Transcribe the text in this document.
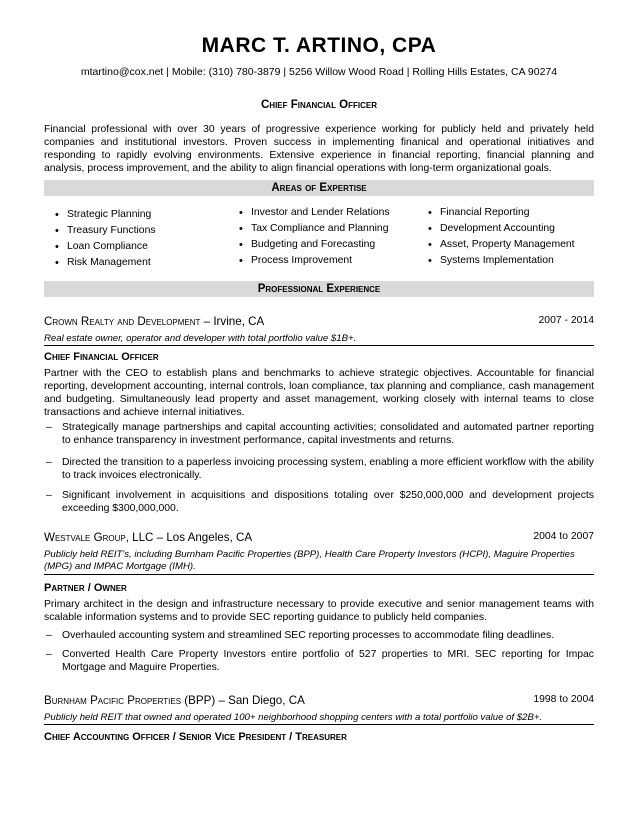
MARC T. ARTINO, CPA
mtartino@cox.net | Mobile: (310) 780-3879 | 5256 Willow Wood Road | Rolling Hills Estates, CA 90274
Chief Financial Officer
Financial professional with over 30 years of progressive experience working for publicly held and privately held companies and institutional investors. Proven success in implementing finanical and operational initiatives and responding to rapidly evolving environments. Extensive experience in financial reporting, financial planning and analysis, process improvement, and the ability to align financial operations with long-term organizational goals.
Areas of Expertise
• Strategic Planning
• Treasury Functions
• Loan Compliance
• Risk Management
• Investor and Lender Relations
• Tax Compliance and Planning
• Budgeting and Forecasting
• Process Improvement
• Financial Reporting
• Development Accounting
• Asset, Property Management
• Systems Implementation
Professional Experience
Crown Realty and Development – Irvine, CA	2007 - 2014
Real estate owner, operator and developer with total portfolio value $1B+.
Chief Financial Officer
Partner with the CEO to establish plans and benchmarks to achieve strategic objectives. Accountable for financial reporting, development accounting, internal controls, loan compliance, tax planning and compliance, cash management and budgeting. Simultaneously lead property and asset management, working closely with internal teams to close transactions and achieve internal initiatives.
– Strategically manage partnerships and capital accounting activities; consolidated and automated partner reporting to enhance transparency in investment performance, capital investments and returns.
– Directed the transition to a paperless invoicing processing system, enabling a more efficient workflow with the ability to track invoices electronically.
– Significant involvement in acquisitions and dispositions totaling over $250,000,000 and development projects exceeding $300,000,000.
Westvale Group, LLC – Los Angeles, CA	2004 to 2007
Publicly held REIT's, including Burnham Pacific Properties (BPP), Health Care Property Investors (HCPI), Maguire Properties (MPG) and IMPAC Mortgage (IMH).
Partner / Owner
Primary architect in the design and infrastructure necessary to provide executive and senior management teams with scalable information systems and to provide SEC reporting guidance to publicly held companies.
– Overhauled accounting system and streamlined SEC reporting processes to accommodate filing deadlines.
– Converted Health Care Property Investors entire portfolio of 527 properties to MRI. SEC reporting for Impac Mortgage and Maguire Properties.
Burnham Pacific Properties (BPP) – San Diego, CA	1998 to 2004
Publicly held REIT that owned and operated 100+ neighborhood shopping centers with a total portfolio value of $2B+.
Chief Accounting Officer / Senior Vice President / Treasurer
